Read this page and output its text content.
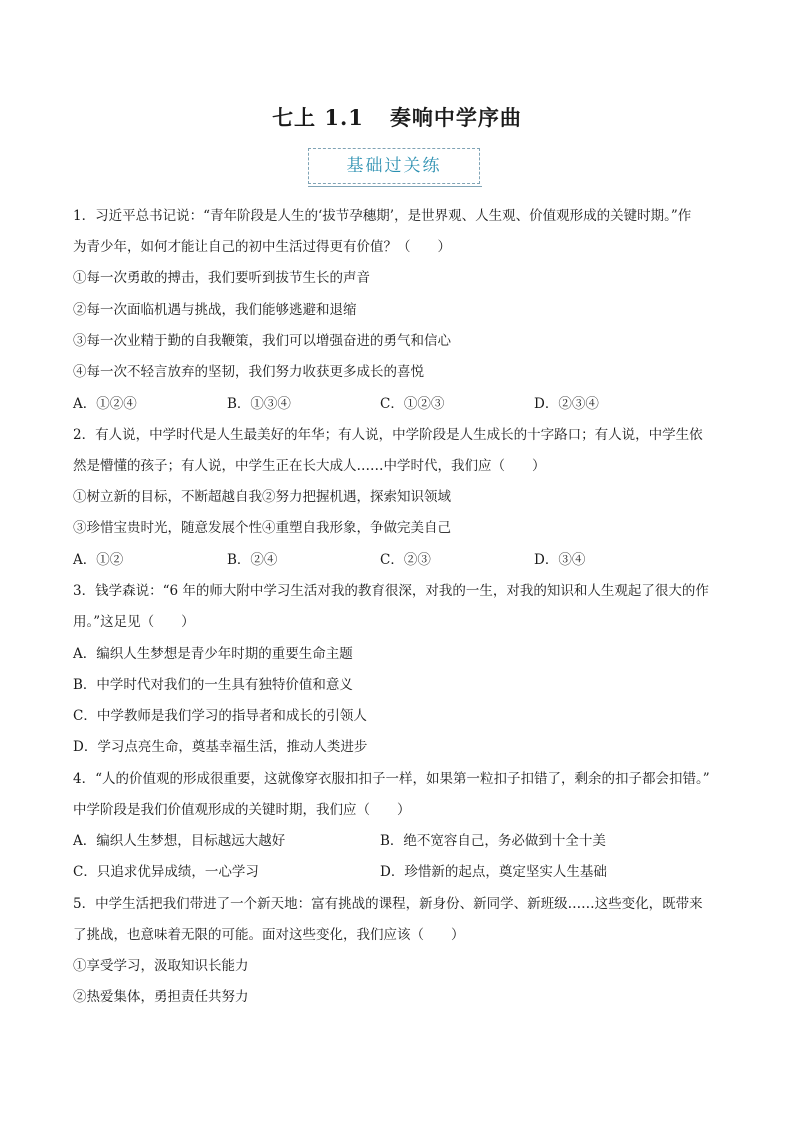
七上 1.1 奏响中学序曲
基础过关练
1．习近平总书记说：“青年阶段是人生的‘拔节孕穗期’，是世界观、人生观、价值观形成的关键时期。”作
为青少年，如何才能让自己的初中生活过得更有价值？（　　）
①每一次勇敢的搏击，我们要听到拔节生长的声音
②每一次面临机遇与挑战，我们能够逃避和退缩
③每一次业精于勤的自我鞭策，我们可以增强奋进的勇气和信心
④每一次不轻言放弃的坚韧，我们努力收获更多成长的喜悦
A．①②④	B．①③④	C．①②③	D．②③④
2．有人说，中学时代是人生最美好的年华；有人说，中学阶段是人生成长的十字路口；有人说，中学生依
然是懵懂的孩子；有人说，中学生正在长大成人……中学时代，我们应（　　）
①树立新的目标，不断超越自我②努力把握机遇，探索知识领域
③珍惜宝贵时光，随意发展个性④重塑自我形象，争做完美自己
A．①②	B．②④	C．②③	D．③④
3．钱学森说：“6 年的师大附中学习生活对我的教育很深，对我的一生，对我的知识和人生观起了很大的作
用。”这足见（　　）
A．编织人生梦想是青少年时期的重要生命主题
B．中学时代对我们的一生具有独特价值和意义
C．中学教师是我们学习的指导者和成长的引领人
D．学习点亮生命，奠基幸福生活，推动人类进步
4．“人的价值观的形成很重要，这就像穿衣服扣扣子一样，如果第一粒扣子扣错了，剩余的扣子都会扣错。”
中学阶段是我们价值观形成的关键时期，我们应（　　）
A．编织人生梦想，目标越远大越好	B．绝不宽容自己，务必做到十全十美
C．只追求优异成绩，一心学习	D．珍惜新的起点，奠定坚实人生基础
5．中学生活把我们带进了一个新天地：富有挑战的课程，新身份、新同学、新班级……这些变化，既带来
了挑战，也意味着无限的可能。面对这些变化，我们应该（　　）
①享受学习，汲取知识长能力
②热爱集体，勇担责任共努力
